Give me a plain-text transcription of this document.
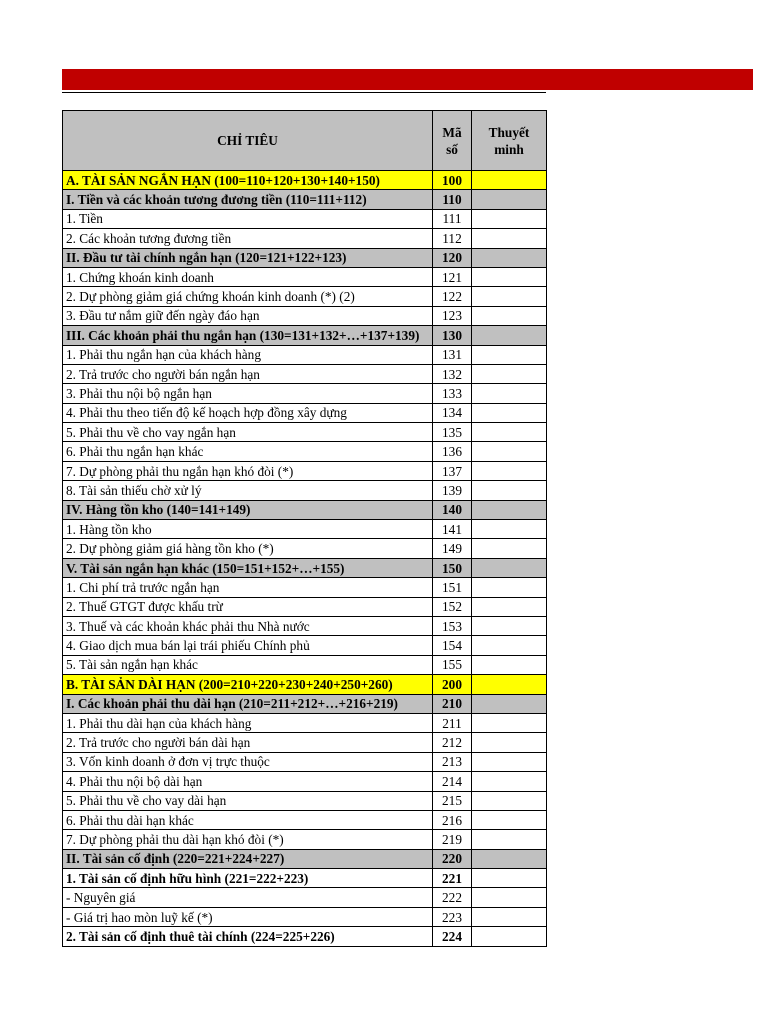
CHỈ TIÊU	Mã số	Thuyết minh
A. TÀI SẢN NGẮN HẠN (100=110+120+130+140+150)	100	
I. Tiền và các khoản tương đương tiền (110=111+112)	110	
1. Tiền	111	
2. Các khoản tương đương tiền	112	
II. Đầu tư tài chính ngắn hạn (120=121+122+123)	120	
1. Chứng khoán kinh doanh	121	
2. Dự phòng giảm giá chứng khoán kinh doanh (*) (2)	122	
3. Đầu tư nắm giữ đến ngày đáo hạn	123	
III. Các khoản phải thu ngắn hạn (130=131+132+…+137+139)	130	
1. Phải thu ngắn hạn của khách hàng	131	
2. Trả trước cho người bán ngắn hạn	132	
3. Phải thu nội bộ ngắn hạn	133	
4. Phải thu theo tiến độ kế hoạch hợp đồng xây dựng	134	
5. Phải thu về cho vay ngắn hạn	135	
6. Phải thu ngắn hạn khác	136	
7. Dự phòng phải thu ngắn hạn khó đòi (*)	137	
8. Tài sản thiếu chờ xử lý	139	
IV. Hàng tồn kho (140=141+149)	140	
1. Hàng tồn kho	141	
2. Dự phòng giảm giá hàng tồn kho (*)	149	
V. Tài sản ngắn hạn khác (150=151+152+…+155)	150	
1. Chi phí trả trước ngắn hạn	151	
2. Thuế GTGT được khấu trừ	152	
3. Thuế và các khoản khác phải thu Nhà nước	153	
4. Giao dịch mua bán lại trái phiếu Chính phủ	154	
5. Tài sản ngắn hạn khác	155	
B. TÀI SẢN DÀI HẠN (200=210+220+230+240+250+260)	200	
I. Các khoản phải thu dài hạn (210=211+212+…+216+219)	210	
1. Phải thu dài hạn của khách hàng	211	
2. Trả trước cho người bán dài hạn	212	
3. Vốn kinh doanh ở đơn vị trực thuộc	213	
4. Phải thu nội bộ dài hạn	214	
5. Phải thu về cho vay dài hạn	215	
6. Phải thu dài hạn khác	216	
7. Dự phòng phải thu dài hạn khó đòi (*)	219	
II. Tài sản cố định (220=221+224+227)	220	
1. Tài sản cố định hữu hình (221=222+223)	221	
- Nguyên giá	222	
- Giá trị hao mòn luỹ kế (*)	223	
2. Tài sản cố định thuê tài chính (224=225+226)	224	
